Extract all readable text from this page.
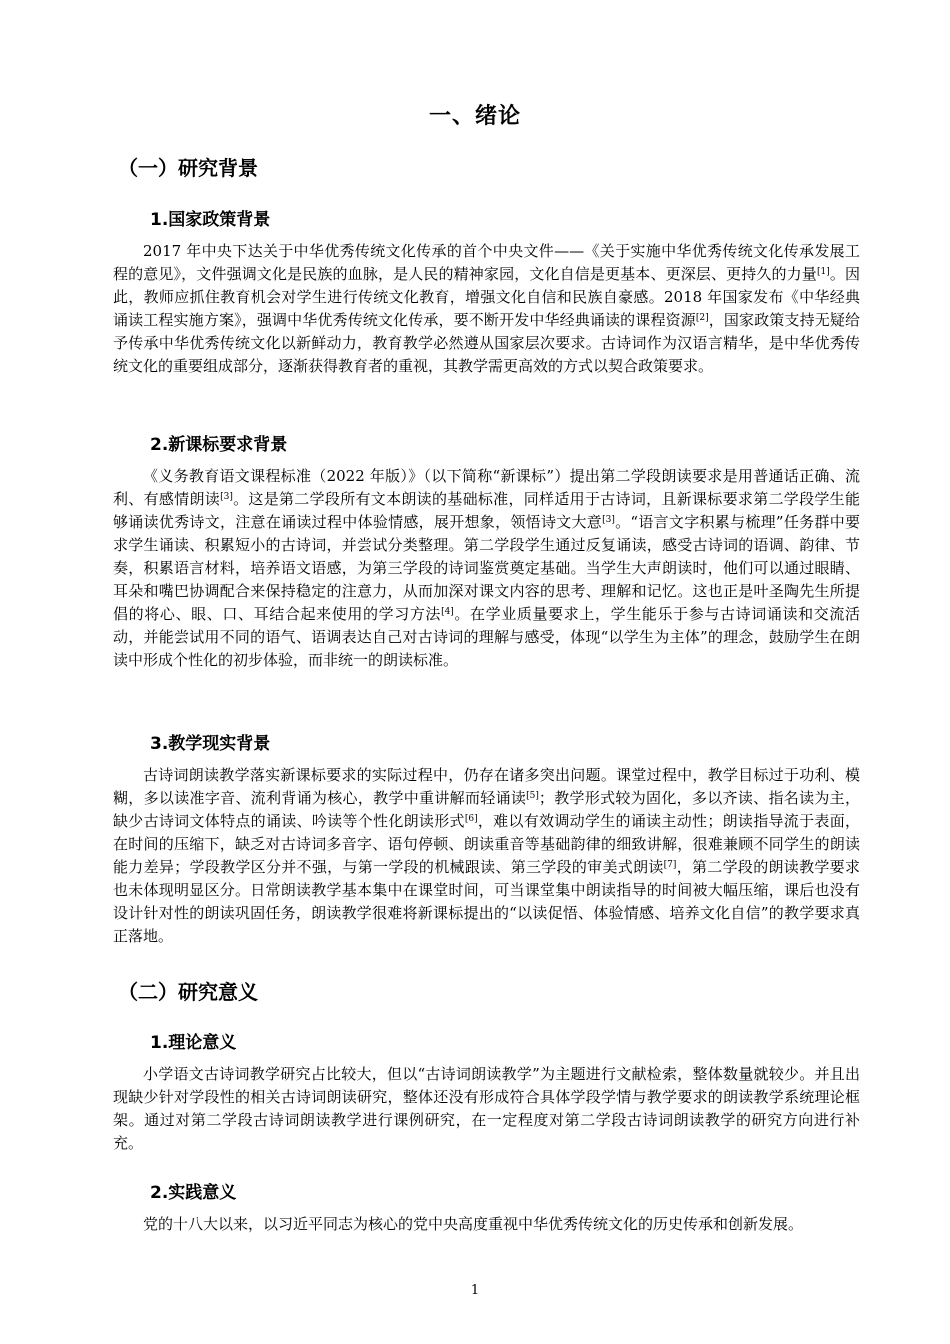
一、绪论
（一）研究背景
1.国家政策背景
2017 年中央下达关于中华优秀传统文化传承的首个中央文件——《关于实施中华优秀传统文化传承发展工程的意见》，文件强调文化是民族的血脉，是人民的精神家园，文化自信是更基本、更深层、更持久的力量[1]。因此，教师应抓住教育机会对学生进行传统文化教育，增强文化自信和民族自豪感。2018 年国家发布《中华经典诵读工程实施方案》，强调中华优秀传统文化传承，要不断开发中华经典诵读的课程资源[2]，国家政策支持无疑给予传承中华优秀传统文化以新鲜动力，教育教学必然遵从国家层次要求。古诗词作为汉语言精华，是中华优秀传统文化的重要组成部分，逐渐获得教育者的重视，其教学需更高效的方式以契合政策要求。
2.新课标要求背景
《义务教育语文课程标准（2022 年版）》（以下简称“新课标”）提出第二学段朗读要求是用普通话正确、流利、有感情朗读[3]。这是第二学段所有文本朗读的基础标准，同样适用于古诗词，且新课标要求第二学段学生能够诵读优秀诗文，注意在诵读过程中体验情感，展开想象，领悟诗文大意[3]。“语言文字积累与梳理”任务群中要求学生诵读、积累短小的古诗词，并尝试分类整理。第二学段学生通过反复诵读，感受古诗词的语调、韵律、节奏，积累语言材料，培养语文语感，为第三学段的诗词鉴赏奠定基础。当学生大声朗读时，他们可以通过眼睛、耳朵和嘴巴协调配合来保持稳定的注意力，从而加深对课文内容的思考、理解和记忆。这也正是叶圣陶先生所提倡的将心、眼、口、耳结合起来使用的学习方法[4]。在学业质量要求上，学生能乐于参与古诗词诵读和交流活动，并能尝试用不同的语气、语调表达自己对古诗词的理解与感受，体现“以学生为主体”的理念，鼓励学生在朗读中形成个性化的初步体验，而非统一的朗读标准。
3.教学现实背景
古诗词朗读教学落实新课标要求的实际过程中，仍存在诸多突出问题。课堂过程中，教学目标过于功利、模糊，多以读准字音、流利背诵为核心，教学中重讲解而轻诵读[5]；教学形式较为固化，多以齐读、指名读为主，缺少古诗词文体特点的诵读、吟读等个性化朗读形式[6]，难以有效调动学生的诵读主动性；朗读指导流于表面，在时间的压缩下，缺乏对古诗词多音字、语句停顿、朗读重音等基础韵律的细致讲解，很难兼顾不同学生的朗读能力差异；学段教学区分并不强，与第一学段的机械跟读、第三学段的审美式朗读[7]，第二学段的朗读教学要求也未体现明显区分。日常朗读教学基本集中在课堂时间，可当课堂集中朗读指导的时间被大幅压缩，课后也没有设计针对性的朗读巩固任务，朗读教学很难将新课标提出的“以读促悟、体验情感、培养文化自信”的教学要求真正落地。
（二）研究意义
1.理论意义
小学语文古诗词教学研究占比较大，但以“古诗词朗读教学”为主题进行文献检索，整体数量就较少。并且出现缺少针对学段性的相关古诗词朗读研究，整体还没有形成符合具体学段学情与教学要求的朗读教学系统理论框架。通过对第二学段古诗词朗读教学进行课例研究，在一定程度对第二学段古诗词朗读教学的研究方向进行补充。
2.实践意义
党的十八大以来，以习近平同志为核心的党中央高度重视中华优秀传统文化的历史传承和创新发展。
1
